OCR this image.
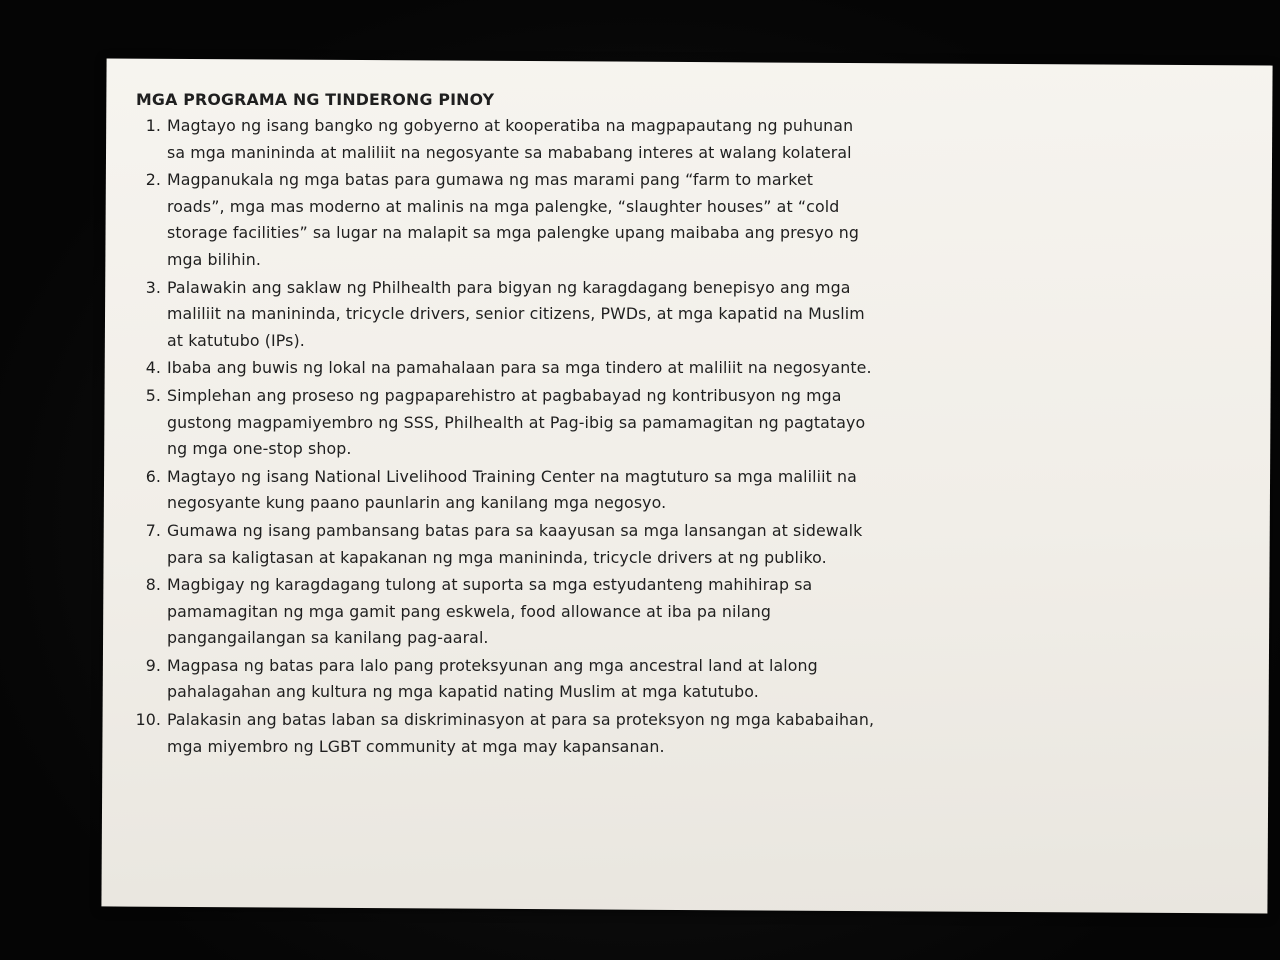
MGA PROGRAMA NG TINDERONG PINOY
1. Magtayo ng isang bangko ng gobyerno at kooperatiba na magpapautang ng puhunan
sa mga manininda at maliliit na negosyante sa mababang interes at walang kolateral
2. Magpanukala ng mga batas para gumawa ng mas marami pang “farm to market
roads”, mga mas moderno at malinis na mga palengke, “slaughter houses” at “cold
storage facilities” sa lugar na malapit sa mga palengke upang maibaba ang presyo ng
mga bilihin.
3. Palawakin ang saklaw ng Philhealth para bigyan ng karagdagang benepisyo ang mga
maliliit na manininda, tricycle drivers, senior citizens, PWDs, at mga kapatid na Muslim
at katutubo (IPs).
4. Ibaba ang buwis ng lokal na pamahalaan para sa mga tindero at maliliit na negosyante.
5. Simplehan ang proseso ng pagpaparehistro at pagbabayad ng kontribusyon ng mga
gustong magpamiyembro ng SSS, Philhealth at Pag-ibig sa pamamagitan ng pagtatayo
ng mga one-stop shop.
6. Magtayo ng isang National Livelihood Training Center na magtuturo sa mga maliliit na
negosyante kung paano paunlarin ang kanilang mga negosyo.
7. Gumawa ng isang pambansang batas para sa kaayusan sa mga lansangan at sidewalk
para sa kaligtasan at kapakanan ng mga manininda, tricycle drivers at ng publiko.
8. Magbigay ng karagdagang tulong at suporta sa mga estyudanteng mahihirap sa
pamamagitan ng mga gamit pang eskwela, food allowance at iba pa nilang
pangangailangan sa kanilang pag-aaral.
9. Magpasa ng batas para lalo pang proteksyunan ang mga ancestral land at lalong
pahalagahan ang kultura ng mga kapatid nating Muslim at mga katutubo.
10. Palakasin ang batas laban sa diskriminasyon at para sa proteksyon ng mga kababaihan,
mga miyembro ng LGBT community at mga may kapansanan.
